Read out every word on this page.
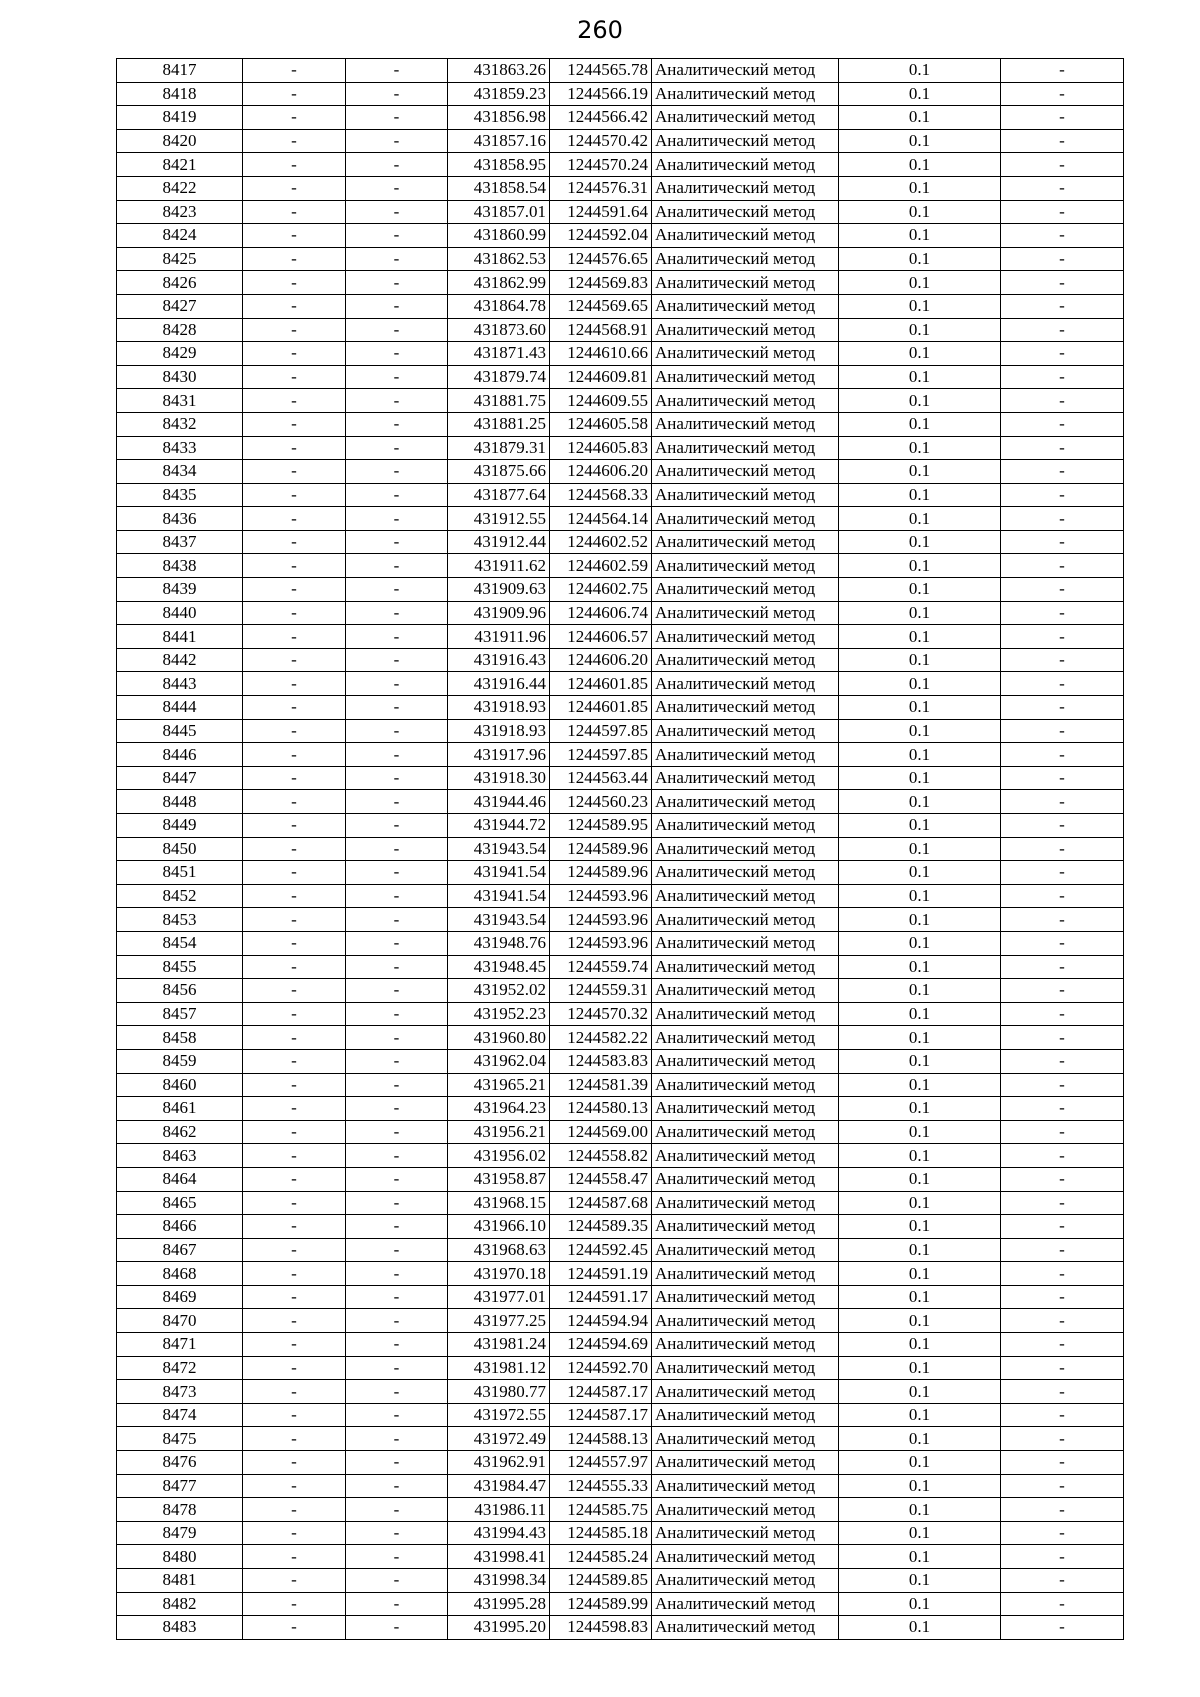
260
8417	-	-	431863.26	1244565.78	Аналитический метод	0.1	-
8418	-	-	431859.23	1244566.19	Аналитический метод	0.1	-
8419	-	-	431856.98	1244566.42	Аналитический метод	0.1	-
8420	-	-	431857.16	1244570.42	Аналитический метод	0.1	-
8421	-	-	431858.95	1244570.24	Аналитический метод	0.1	-
8422	-	-	431858.54	1244576.31	Аналитический метод	0.1	-
8423	-	-	431857.01	1244591.64	Аналитический метод	0.1	-
8424	-	-	431860.99	1244592.04	Аналитический метод	0.1	-
8425	-	-	431862.53	1244576.65	Аналитический метод	0.1	-
8426	-	-	431862.99	1244569.83	Аналитический метод	0.1	-
8427	-	-	431864.78	1244569.65	Аналитический метод	0.1	-
8428	-	-	431873.60	1244568.91	Аналитический метод	0.1	-
8429	-	-	431871.43	1244610.66	Аналитический метод	0.1	-
8430	-	-	431879.74	1244609.81	Аналитический метод	0.1	-
8431	-	-	431881.75	1244609.55	Аналитический метод	0.1	-
8432	-	-	431881.25	1244605.58	Аналитический метод	0.1	-
8433	-	-	431879.31	1244605.83	Аналитический метод	0.1	-
8434	-	-	431875.66	1244606.20	Аналитический метод	0.1	-
8435	-	-	431877.64	1244568.33	Аналитический метод	0.1	-
8436	-	-	431912.55	1244564.14	Аналитический метод	0.1	-
8437	-	-	431912.44	1244602.52	Аналитический метод	0.1	-
8438	-	-	431911.62	1244602.59	Аналитический метод	0.1	-
8439	-	-	431909.63	1244602.75	Аналитический метод	0.1	-
8440	-	-	431909.96	1244606.74	Аналитический метод	0.1	-
8441	-	-	431911.96	1244606.57	Аналитический метод	0.1	-
8442	-	-	431916.43	1244606.20	Аналитический метод	0.1	-
8443	-	-	431916.44	1244601.85	Аналитический метод	0.1	-
8444	-	-	431918.93	1244601.85	Аналитический метод	0.1	-
8445	-	-	431918.93	1244597.85	Аналитический метод	0.1	-
8446	-	-	431917.96	1244597.85	Аналитический метод	0.1	-
8447	-	-	431918.30	1244563.44	Аналитический метод	0.1	-
8448	-	-	431944.46	1244560.23	Аналитический метод	0.1	-
8449	-	-	431944.72	1244589.95	Аналитический метод	0.1	-
8450	-	-	431943.54	1244589.96	Аналитический метод	0.1	-
8451	-	-	431941.54	1244589.96	Аналитический метод	0.1	-
8452	-	-	431941.54	1244593.96	Аналитический метод	0.1	-
8453	-	-	431943.54	1244593.96	Аналитический метод	0.1	-
8454	-	-	431948.76	1244593.96	Аналитический метод	0.1	-
8455	-	-	431948.45	1244559.74	Аналитический метод	0.1	-
8456	-	-	431952.02	1244559.31	Аналитический метод	0.1	-
8457	-	-	431952.23	1244570.32	Аналитический метод	0.1	-
8458	-	-	431960.80	1244582.22	Аналитический метод	0.1	-
8459	-	-	431962.04	1244583.83	Аналитический метод	0.1	-
8460	-	-	431965.21	1244581.39	Аналитический метод	0.1	-
8461	-	-	431964.23	1244580.13	Аналитический метод	0.1	-
8462	-	-	431956.21	1244569.00	Аналитический метод	0.1	-
8463	-	-	431956.02	1244558.82	Аналитический метод	0.1	-
8464	-	-	431958.87	1244558.47	Аналитический метод	0.1	-
8465	-	-	431968.15	1244587.68	Аналитический метод	0.1	-
8466	-	-	431966.10	1244589.35	Аналитический метод	0.1	-
8467	-	-	431968.63	1244592.45	Аналитический метод	0.1	-
8468	-	-	431970.18	1244591.19	Аналитический метод	0.1	-
8469	-	-	431977.01	1244591.17	Аналитический метод	0.1	-
8470	-	-	431977.25	1244594.94	Аналитический метод	0.1	-
8471	-	-	431981.24	1244594.69	Аналитический метод	0.1	-
8472	-	-	431981.12	1244592.70	Аналитический метод	0.1	-
8473	-	-	431980.77	1244587.17	Аналитический метод	0.1	-
8474	-	-	431972.55	1244587.17	Аналитический метод	0.1	-
8475	-	-	431972.49	1244588.13	Аналитический метод	0.1	-
8476	-	-	431962.91	1244557.97	Аналитический метод	0.1	-
8477	-	-	431984.47	1244555.33	Аналитический метод	0.1	-
8478	-	-	431986.11	1244585.75	Аналитический метод	0.1	-
8479	-	-	431994.43	1244585.18	Аналитический метод	0.1	-
8480	-	-	431998.41	1244585.24	Аналитический метод	0.1	-
8481	-	-	431998.34	1244589.85	Аналитический метод	0.1	-
8482	-	-	431995.28	1244589.99	Аналитический метод	0.1	-
8483	-	-	431995.20	1244598.83	Аналитический метод	0.1	-
